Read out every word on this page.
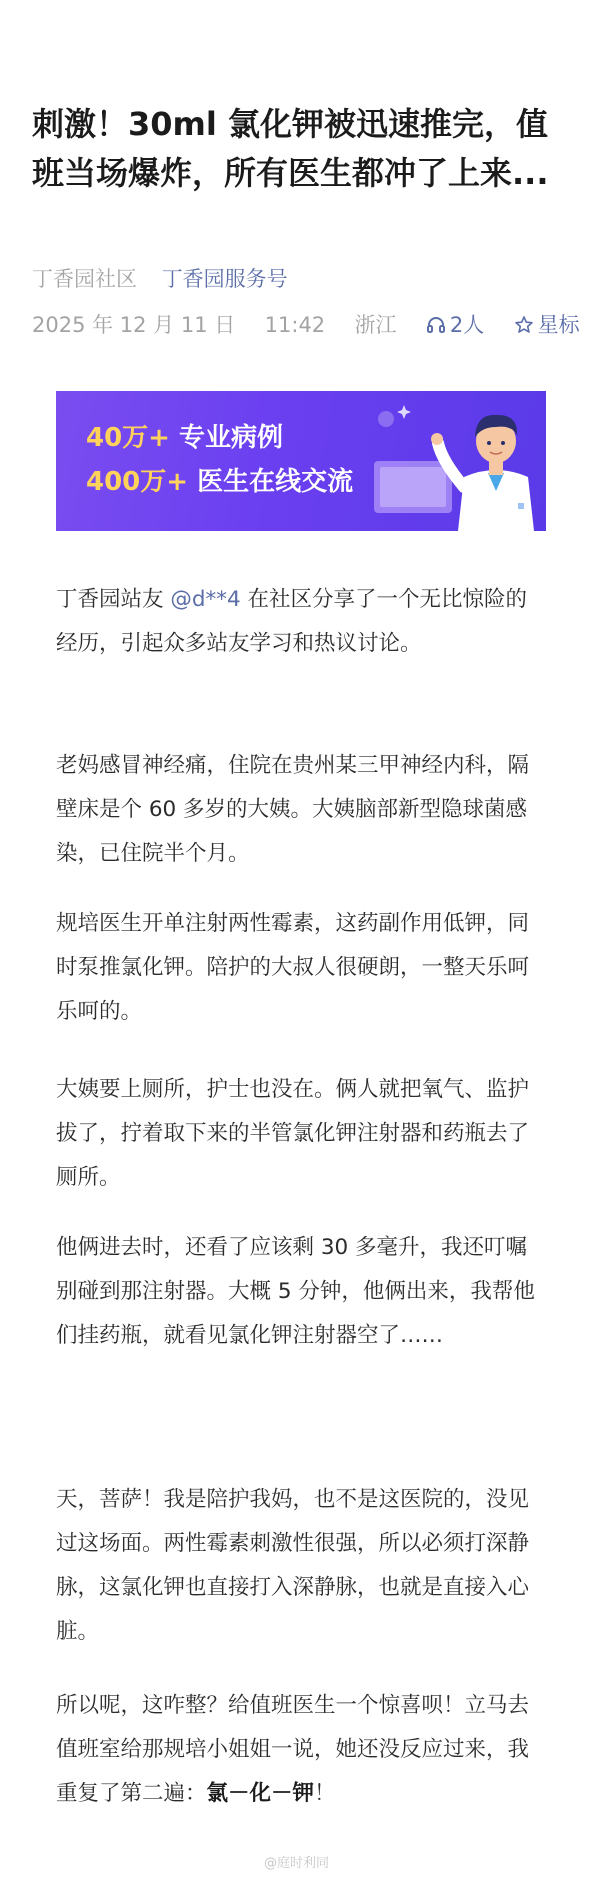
刺激！30ml 氯化钾被迅速推完，值班当场爆炸，所有医生都冲了上来...
丁香园社区 丁香园服务号
2025 年 12 月 11 日 11:42 浙江	2人	星标
40万+ 专业病例
400万+ 医生在线交流

丁香园站友 @d**4 在社区分享了一个无比惊险的经历，引起众多站友学习和热议讨论。

老妈感冒神经痛，住院在贵州某三甲神经内科，隔壁床是个 60 多岁的大姨。大姨脑部新型隐球菌感染，已住院半个月。

规培医生开单注射两性霉素，这药副作用低钾，同时泵推氯化钾。陪护的大叔人很硬朗，一整天乐呵乐呵的。

大姨要上厕所，护士也没在。俩人就把氧气、监护拔了，拧着取下来的半管氯化钾注射器和药瓶去了厕所。

他俩进去时，还看了应该剩 30 多毫升，我还叮嘱别碰到那注射器。大概 5 分钟，他俩出来，我帮他们挂药瓶，就看见氯化钾注射器空了……

天，菩萨！我是陪护我妈，也不是这医院的，没见过这场面。两性霉素刺激性很强，所以必须打深静脉，这氯化钾也直接打入深静脉，也就是直接入心脏。

所以呢，这咋整？给值班医生一个惊喜呗！立马去值班室给那规培小姐姐一说，她还没反应过来，我重复了第二遍：氯－化－钾！

@庭时利同
